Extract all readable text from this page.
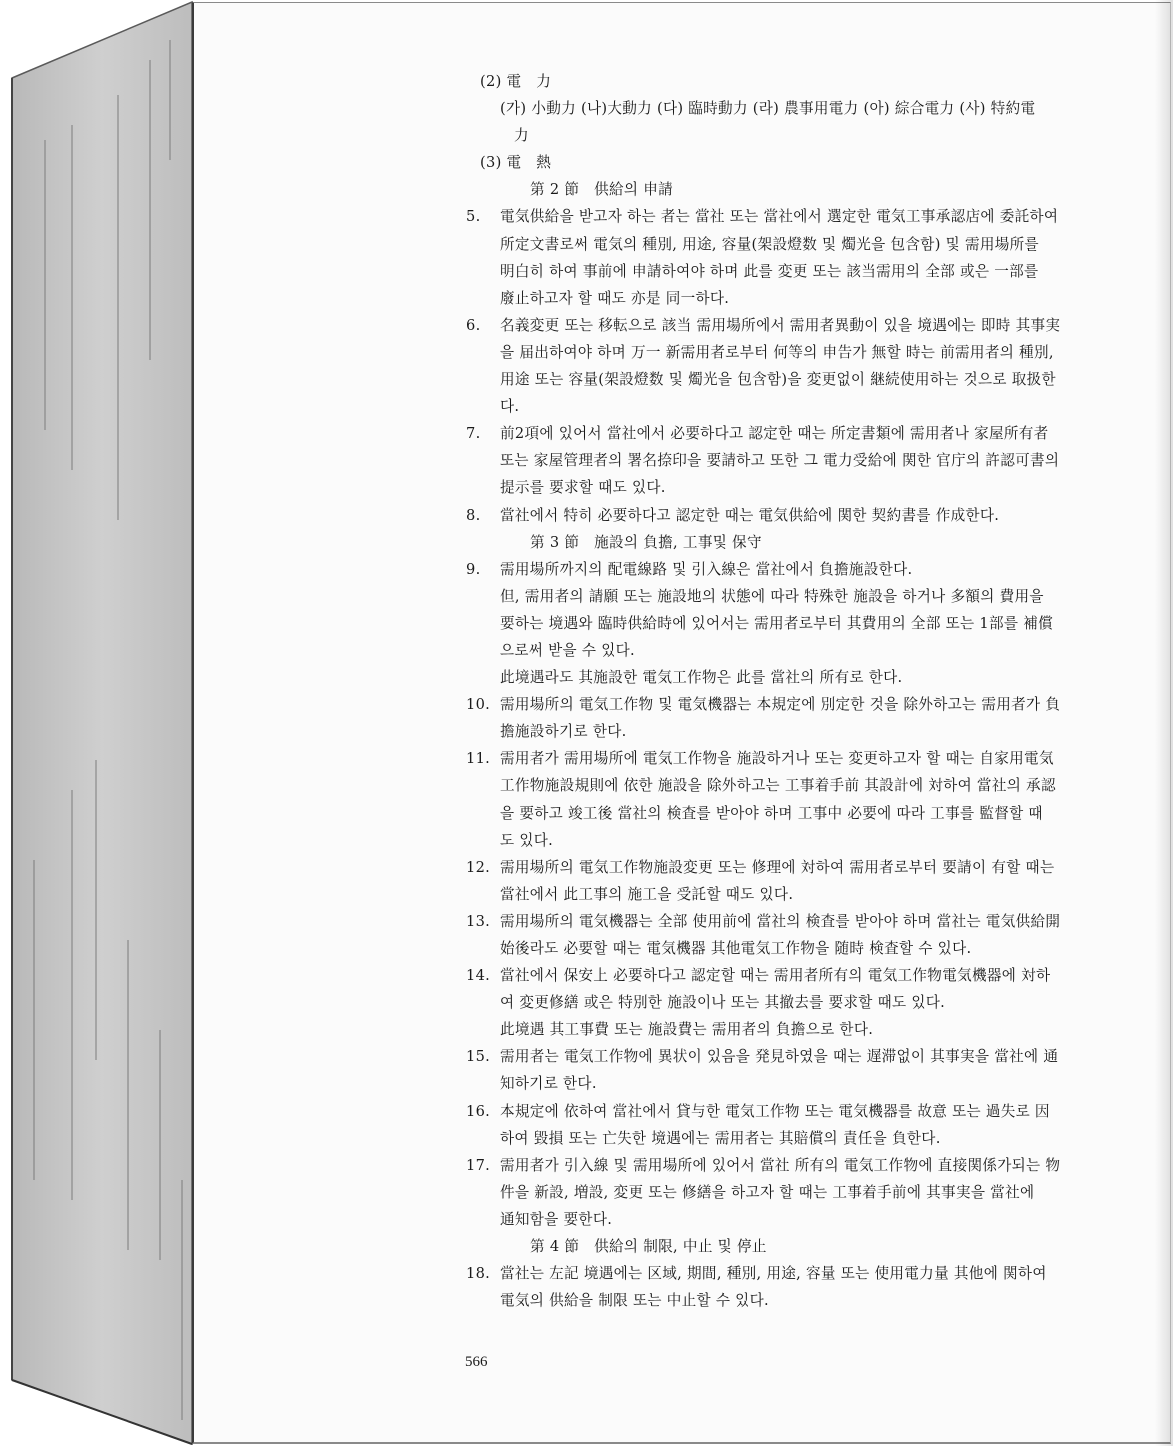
(2) 電　力
(가) 小動力 (나)大動力 (다) 臨時動力 (라) 農事用電力 (아) 綜合電力 (사) 特約電
力
(3) 電　熱
第 2 節　供給의 申請
5. 電気供給을 받고자 하는 者는 當社 또는 當社에서 選定한 電気工事承認店에 委託하여
所定文書로써 電気의 種別, 用途, 容量(架設燈数 및 燭光을 包含함) 및 需用場所를
明白히 하여 事前에 申請하여야 하며 此를 変更 또는 該当需用의 全部 或은 一部를
廢止하고자 할 때도 亦是 同一하다.
6. 名義変更 또는 移転으로 該当 需用場所에서 需用者異動이 있을 境遇에는 即時 其事実
을 届出하여야 하며 万一 新需用者로부터 何等의 申告가 無할 時는 前需用者의 種別,
用途 또는 容量(架設燈数 및 燭光을 包含함)을 変更없이 継続使用하는 것으로 取扱한
다.
7. 前2項에 있어서 當社에서 必要하다고 認定한 때는 所定書類에 需用者나 家屋所有者
또는 家屋管理者의 署名捺印을 要請하고 또한 그 電力受給에 関한 官庁의 許認可書의
提示를 要求할 때도 있다.
8. 當社에서 特히 必要하다고 認定한 때는 電気供給에 関한 契約書를 作成한다.
第 3 節　施設의 負擔, 工事및 保守
9. 需用場所까지의 配電線路 및 引入線은 當社에서 負擔施設한다.
但, 需用者의 請願 또는 施設地의 状態에 따라 特殊한 施設을 하거나 多額의 費用을
要하는 境遇와 臨時供給時에 있어서는 需用者로부터 其費用의 全部 또는 1部를 補償
으로써 받을 수 있다.
此境遇라도 其施設한 電気工作物은 此를 當社의 所有로 한다.
10. 需用場所의 電気工作物 및 電気機器는 本規定에 別定한 것을 除外하고는 需用者가 負
擔施設하기로 한다.
11. 需用者가 需用場所에 電気工作物을 施設하거나 또는 変更하고자 할 때는 自家用電気
工作物施設規則에 依한 施設을 除外하고는 工事着手前 其設計에 対하여 當社의 承認
을 要하고 竣工後 當社의 検査를 받아야 하며 工事中 必要에 따라 工事를 監督할 때
도 있다.
12. 需用場所의 電気工作物施設変更 또는 修理에 対하여 需用者로부터 要請이 有할 때는
當社에서 此工事의 施工을 受託할 때도 있다.
13. 需用場所의 電気機器는 全部 使用前에 當社의 検査를 받아야 하며 當社는 電気供給開
始後라도 必要할 때는 電気機器 其他電気工作物을 随時 検査할 수 있다.
14. 當社에서 保安上 必要하다고 認定할 때는 需用者所有의 電気工作物電気機器에 対하
여 変更修繕 或은 特別한 施設이나 또는 其撤去를 要求할 때도 있다.
此境遇 其工事費 또는 施設費는 需用者의 負擔으로 한다.
15. 需用者는 電気工作物에 異状이 있음을 発見하였을 때는 遅滞없이 其事実을 當社에 通
知하기로 한다.
16. 本規定에 依하여 當社에서 貸与한 電気工作物 또는 電気機器를 故意 또는 過失로 因
하여 毀損 또는 亡失한 境遇에는 需用者는 其賠償의 責任을 負한다.
17. 需用者가 引入線 및 需用場所에 있어서 當社 所有의 電気工作物에 直接関係가되는 物
件을 新設, 増設, 変更 또는 修繕을 하고자 할 때는 工事着手前에 其事実을 當社에
通知함을 要한다.
第 4 節　供給의 制限, 中止 및 停止
18. 當社는 左記 境遇에는 区域, 期間, 種別, 用途, 容量 또는 使用電力量 其他에 関하여
電気의 供給을 制限 또는 中止할 수 있다.
566
